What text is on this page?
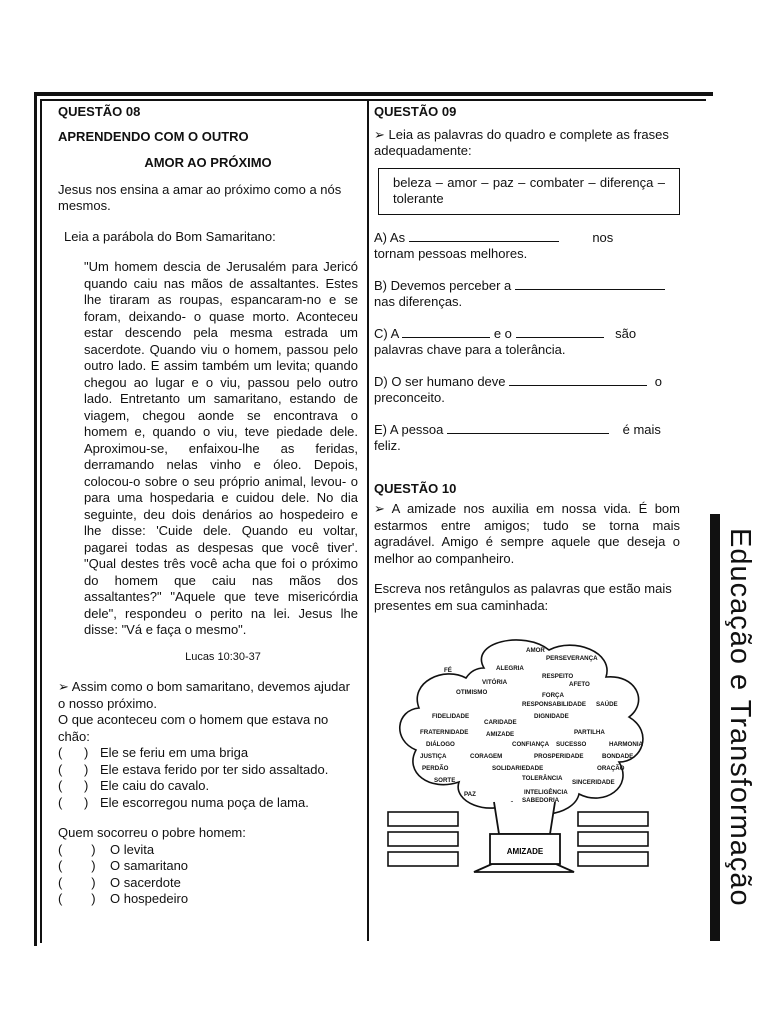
QUESTÃO 08

APRENDENDO COM O OUTRO

AMOR AO PRÓXIMO

Jesus nos ensina a amar ao próximo como a nós mesmos.

Leia a parábola do Bom Samaritano:

"Um homem descia de Jerusalém para Jericó quando caiu nas mãos de assaltantes. Estes lhe tiraram as roupas, espancaram-no e se foram, deixando- o quase morto. Aconteceu estar descendo pela mesma estrada um sacerdote. Quando viu o homem, passou pelo outro lado. E assim também um levita; quando chegou ao lugar e o viu, passou pelo outro lado. Entretanto um samaritano, estando de viagem, chegou aonde se encontrava o homem e, quando o viu, teve piedade dele. Aproximou-se, enfaixou-lhe as feridas, derramando nelas vinho e óleo. Depois, colocou-o sobre o seu próprio animal, levou- o para uma hospedaria e cuidou dele. No dia seguinte, deu dois denários ao hospedeiro e lhe disse: 'Cuide dele. Quando eu voltar, pagarei todas as despesas que você tiver'. "Qual destes três você acha que foi o próximo do homem que caiu nas mãos dos assaltantes?" "Aquele que teve misericórdia dele", respondeu o perito na lei. Jesus lhe disse: "Vá e faça o mesmo".

Lucas 10:30-37

➢ Assim como o bom samaritano, devemos ajudar o nosso próximo.

O que aconteceu com o homem que estava no chão:

( ) Ele se feriu em uma briga
( ) Ele estava ferido por ter sido assaltado.
( ) Ele caiu do cavalo.
( ) Ele escorregou numa poça de lama.

Quem socorreu o pobre homem:

( )	O levita
( )	O samaritano
( )	O sacerdote
( )	O hospedeiro

QUESTÃO 09

➢ Leia as palavras do quadro e complete as frases adequadamente:

beleza – amor – paz – combater – diferença – tolerante

A) As	nos

tornam pessoas melhores.

B) Devemos perceber a

nas diferenças.

C) A	e o	são

palavras chave para a tolerância.

D) O ser humano deve	o

preconceito.

E) A pessoa	é mais

feliz.

QUESTÃO 10

➢ A amizade nos auxilia em nossa vida. É bom estarmos entre amigos; tudo se torna mais agradável. Amigo é sempre aquele que deseja o melhor ao companheiro.

Escreva nos retângulos as palavras que estão mais presentes em sua caminhada:

AMIZADE
AMOR
PERSEVERANÇA
FÉ	ALEGRIA
RESPEITO
VITÓRIA	AFETO
OTIMISMO	FORÇA
RESPONSABILIDADE SAÚDE
FIDELIDADE	DIGNIDADE
CARIDADE
FRATERNIDADE	PARTILHA
AMIZADE
DIÁLOGO	HARMONIA
CONFIANÇA SUCESSO
JUSTIÇA	CORAGEM	PROSPERIDADE	BONDADE
PERDÃO	SOLIDARIEDADE	ORAÇÃO
SORTE	TOLERÂNCIA
SINCERIDADE
INTELIGÊNCIA
PAZ
SABEDORIA	Educação e Transformação
